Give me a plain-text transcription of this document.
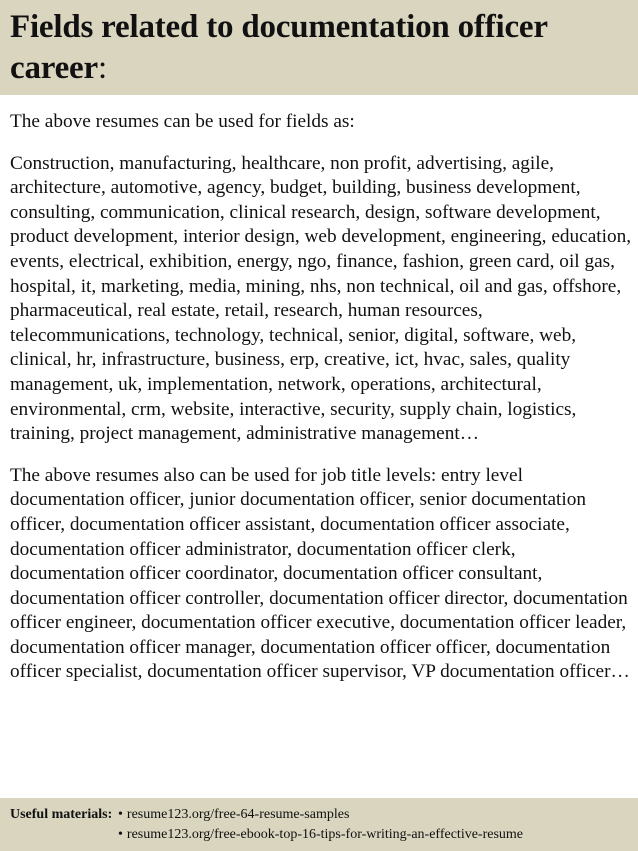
Fields related to documentation officer career:

The above resumes can be used for fields as:

Construction, manufacturing, healthcare, non profit, advertising, agile, architecture, automotive, agency, budget, building, business development, consulting, communication, clinical research, design, software development, product development, interior design, web development, engineering, education, events, electrical, exhibition, energy, ngo, finance, fashion, green card, oil gas, hospital, it, marketing, media, mining, nhs, non technical, oil and gas, offshore, pharmaceutical, real estate, retail, research, human resources, telecommunications, technology, technical, senior, digital, software, web, clinical, hr, infrastructure, business, erp, creative, ict, hvac, sales, quality management, uk, implementation, network, operations, architectural, environmental, crm, website, interactive, security, supply chain, logistics, training, project management, administrative management…

The above resumes also can be used for job title levels: entry level documentation officer, junior documentation officer, senior documentation officer, documentation officer assistant, documentation officer associate, documentation officer administrator, documentation officer clerk, documentation officer coordinator, documentation officer consultant, documentation officer controller, documentation officer director, documentation officer engineer, documentation officer executive, documentation officer leader, documentation officer manager, documentation officer officer, documentation officer specialist, documentation officer supervisor, VP documentation officer…

Useful materials: • resume123.org/free-64-resume-samples
• resume123.org/free-ebook-top-16-tips-for-writing-an-effective-resume
